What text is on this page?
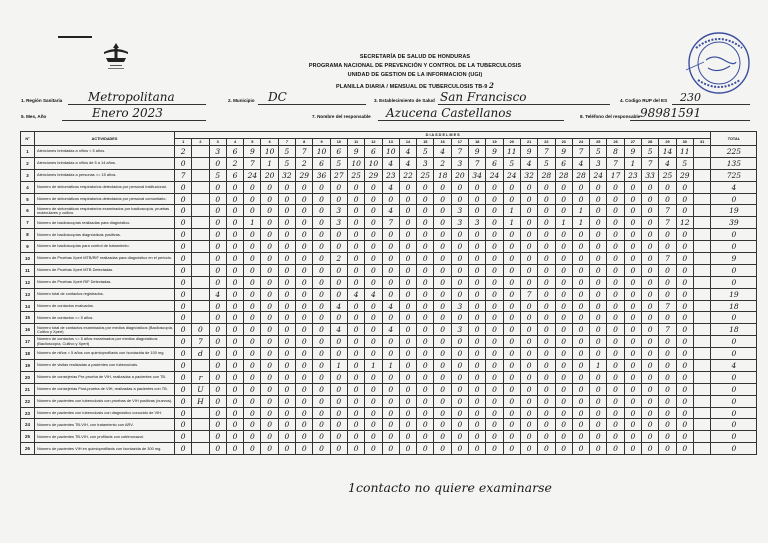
SECRETARÍA DE SALUD DE HONDURAS
PROGRAMA NACIONAL DE PREVENCIÓN Y CONTROL DE LA TUBERCULOSIS
UNIDAD DE GESTION DE LA INFORMACION (UGI)
PLANILLA DIARIA / MENSUAL DE TUBERCULOSIS TB-9 2
1. Región Sanitaria Metropolitana	2. Municipio DC	3. Establecimiento de Salud San Francisco	4. Codigo RUP del ES 230
5. Mes, Año	Enero 2023	7. Nombre del responsable Azucena Castellanos	8. Teléfono del responsable 98981591
N°	ACTIVIDADES	D I A S D E L M E S																															TOTAL
		1	2	3	4	5	6	7	8	9	10	11	12	13	14	15	16	17	18	19	20	21	22	23	24	25	26	27	28	29	30	31	
1	Atenciones brindadas a niños < 5 años.	2		3	6	9	10	5	7	10	6	9	6	10	4	5	4	7	9	9	11	9	7	9	7	5	8	9	5	14	11		225
2	Atenciones brindadas a niños de 5 a 14 años.	0		0	2	7	1	5	2	6	5	10	10	4	4	3	2	3	7	6	5	4	5	6	4	3	7	1	7	4	5		135
3	Atenciones brindadas a personas >= 15 años.	7		5	6	24	20	32	29	36	27	25	29	23	22	25	18	20	34	24	24	32	28	28	28	24	17	23	33	25	29		725
4	Numero de sintomáticos respiratorios detectados por personal institucional.	0		0	0	0	0	0	0	0	0	0	0	4	0	0	0	0	0	0	0	0	0	0	0	0	0	0	0	0	0		4
5	Número de sintomáticos respiratorios detectados por personal comunitario.	0		0	0	0	0	0	0	0	0	0	0	0	0	0	0	0	0	0	0	0	0	0	0	0	0	0	0	0	0		0
6	Número de sintomáticos respiratorios examinados por baciloscopía, pruebas moleculares y cultivo.	0		0	0	0	0	0	0	0	3	0	0	4	0	0	0	3	0	0	1	0	0	0	1	0	0	0	0	7	0		19
7	Número de baciloscopías realizadas para diagnóstico.	0		0	0	1	0	0	0	0	3	0	0	7	0	0	0	3	3	0	1	0	0	1	1	0	0	0	0	7	12		39
8	Número de baciloscopías diagnósticas positivas.	0		0	0	0	0	0	0	0	0	0	0	0	0	0	0	0	0	0	0	0	0	0	0	0	0	0	0	0	0		0
9	Número de baciloscopías para control de tratamiento.	0		0	0	0	0	0	0	0	0	0	0	0	0	0	0	0	0	0	0	0	0	0	0	0	0	0	0	0	0		0
10	Número de Pruebas Xpert MTB/RIF realizadas para diagnóstico en el periodo.	0		0	0	0	0	0	0	0	2	0	0	0	0	0	0	0	0	0	0	0	0	0	0	0	0	0	0	7	0		9
11	Número de Pruebas Xpert MTB Detectadas.	0		0	0	0	0	0	0	0	0	0	0	0	0	0	0	0	0	0	0	0	0	0	0	0	0	0	0	0	0		0
12	Número de Pruebas Xpert RIF Detectadas.	0		0	0	0	0	0	0	0	0	0	0	0	0	0	0	0	0	0	0	0	0	0	0	0	0	0	0	0	0		0
13	Número total de contactos registrados.	0		4	0	0	0	0	0	0	0	4	4	0	0	0	0	0	0	0	0	7	0	0	0	0	0	0	0	0	0		19
14	Número de contactos evaluados.	0		0	0	0	0	0	0	0	4	0	0	4	0	0	0	3	0	0	0	0	0	0	0	0	0	0	0	7	0		18
15	Número de contactos <= 5 años.	0		0	0	0	0	0	0	0	0	0	0	0	0	0	0	0	0	0	0	0	0	0	0	0	0	0	0	0	0		0
16	Número total de contactos examinados por medios diagnósticos (Baciloscopía, Cultivo y Xpert)	0	0	0	0	0	0	0	0	0	4	0	0	4	0	0	0	3	0	0	0	0	0	0	0	0	0	0	0	7	0		18
17	Número de contactos <= 5 años examinados por medios diagnósticos (Baciloscopía, Cultivo y Xpert)	0	7	0	0	0	0	0	0	0	0	0	0	0	0	0	0	0	0	0	0	0	0	0	0	0	0	0	0	0	0		0
18	Número de niños < 5 años con quimioprofilaxis con Isoniazida de 100 mg.	0	d	0	0	0	0	0	0	0	0	0	0	0	0	0	0	0	0	0	0	0	0	0	0	0	0	0	0	0	0		0
19	Número de visitas realizadas a pacientes con tuberculosis.	0		0	0	0	0	0	0	0	1	0	1	1	0	0	0	0	0	0	0	0	0	0	0	1	0	0	0	0	0		4
20	Número de consejerías Pre-prueba de VIH, realizadas a pacientes con TB.	0	r	0	0	0	0	0	0	0	0	0	0	0	0	0	0	0	0	0	0	0	0	0	0	0	0	0	0	0	0		0
21	Número de consejerías Post-prueba de VIH, realizadas a pacientes con TB.	0	U	0	0	0	0	0	0	0	0	0	0	0	0	0	0	0	0	0	0	0	0	0	0	0	0	0	0	0	0		0
22	Número de pacientes con tuberculosis con pruebas de VIH positivas (nuevos).	0	H	0	0	0	0	0	0	0	0	0	0	0	0	0	0	0	0	0	0	0	0	0	0	0	0	0	0	0	0		0
23	Número de pacientes con tuberculosis con diagnóstico conocido de VIH.	0		0	0	0	0	0	0	0	0	0	0	0	0	0	0	0	0	0	0	0	0	0	0	0	0	0	0	0	0		0
24	Número de pacientes TB-VIH, con tratamiento con ARV.	0		0	0	0	0	0	0	0	0	0	0	0	0	0	0	0	0	0	0	0	0	0	0	0	0	0	0	0	0		0
25	Número de pacientes TB-VIH, con profilaxis con cotrimoxazol.	0		0	0	0	0	0	0	0	0	0	0	0	0	0	0	0	0	0	0	0	0	0	0	0	0	0	0	0	0		0
26	Número de pacientes VIH en quimioprofilaxis con Isoniazida de 300 mg.	0		0	0	0	0	0	0	0	0	0	0	0	0	0	0	0	0	0	0	0	0	0	0	0	0	0	0	0	0		0
1contacto no quiere examinarse
